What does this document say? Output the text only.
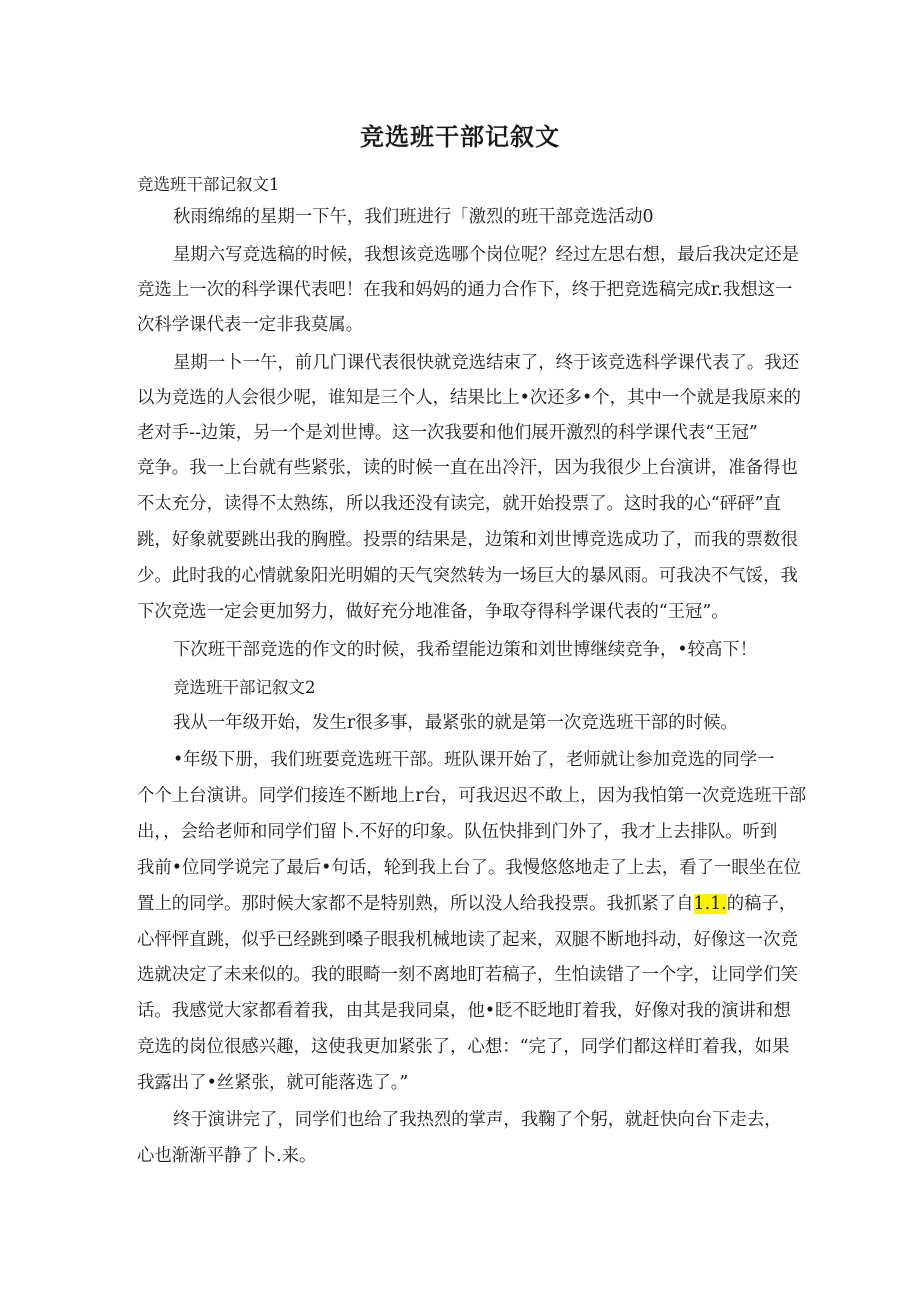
竞选班干部记叙文

竞选班干部记叙文1

秋雨绵绵的星期一下午，我们班进行「激烈的班干部竞选活动0

星期六写竞选稿的时候，我想该竞选哪个岗位呢？经过左思右想，最后我决定还是

竞选上一次的科学课代表吧！在我和妈妈的通力合作下，终于把竞选稿完成r.我想这一

次科学课代表一定非我莫属。

星期一卜一午，前几门课代表很快就竞选结束了，终于该竞选科学课代表了。我还

以为竞选的人会很少呢，谁知是三个人，结果比上•次还多•个，其中一个就是我原来的

老对手--边策，另一个是刘世博。这一次我要和他们展开激烈的科学课代表“王冠”

竞争。我一上台就有些紧张，读的时候一直在出冷汗，因为我很少上台演讲，准备得也

不太充分，读得不太熟练，所以我还没有读完，就开始投票了。这时我的心“砰砰”直

跳，好象就要跳出我的胸膛。投票的结果是，边策和刘世博竞选成功了，而我的票数很

少。此时我的心情就象阳光明媚的天气突然转为一场巨大的暴风雨。可我决不气馁，我

下次竞选一定会更加努力，做好充分地准备，争取夺得科学课代表的“王冠”。

下次班干部竞选的作文的时候，我希望能边策和刘世博继续竞争，•较高下！

竞选班干部记叙文2

我从一年级开始，发生r很多事，最紧张的就是第一次竞选班干部的时候。

•年级下册，我们班要竞选班干部。班队课开始了，老师就让参加竞选的同学一

个个上台演讲。同学们接连不断地上r台，可我迟迟不敢上，因为我怕第一次竞选班干部

出，，会给老师和同学们留卜.不好的印象。队伍快排到门外了，我才上去排队。听到

我前•位同学说完了最后•句话，轮到我上台了。我慢悠悠地走了上去，看了一眼坐在位

置上的同学。那时候大家都不是特别熟，所以没人给我投票。我抓紧了自1.1.的稿子，

心怦怦直跳，似乎已经跳到嗓子眼我机械地读了起来，双腿不断地抖动，好像这一次竞

选就决定了未来似的。我的眼畸一刻不离地盯若稿子，生怕读错了一个字，让同学们笑

话。我感觉大家都看着我，由其是我同桌，他•眨不眨地盯着我，好像对我的演讲和想

竞选的岗位很感兴趣，这使我更加紧张了，心想：“完了，同学们都这样盯着我，如果

我露出了•丝紧张，就可能落选了。”

终于演讲完了，同学们也给了我热烈的掌声，我鞠了个躬，就赶快向台下走去，

心也渐渐平静了卜.来。
